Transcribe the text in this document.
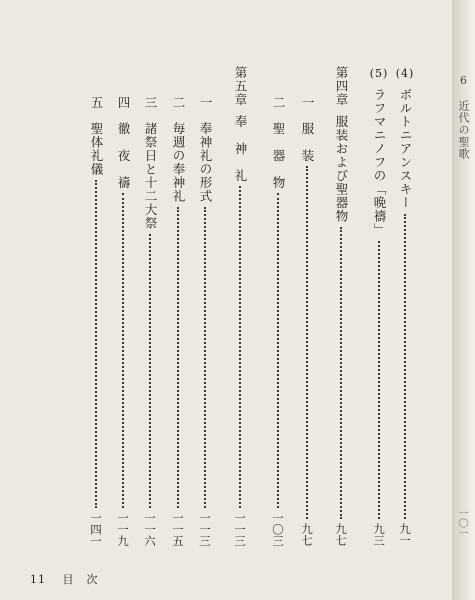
(4)
ボルトニアンスキー
九一
(5)
ラフマニノフの「晩禱」
九三
第四章
服装および聖器物
九七
一
服　装
九七
二
聖　器　物
一〇三
第五章
奉　神　礼
一一三
一
奉神礼の形式
一一三
二
毎週の奉神礼
一一五
三
諸祭日と十二大祭
一一六
四
徹　夜　禱
一一九
五
聖体礼儀
一四一
11 目　次
6　近代の聖歌
一〇一
